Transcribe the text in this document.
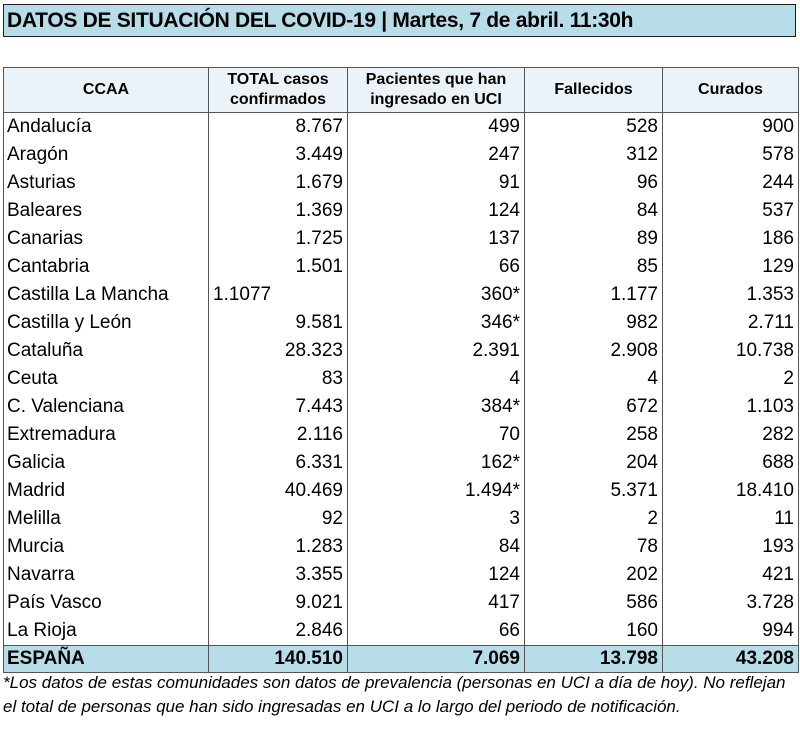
DATOS DE SITUACIÓN DEL COVID-19 | Martes, 7 de abril. 11:30h
CCAA	TOTAL casos confirmados	Pacientes que han ingresado en UCI	Fallecidos	Curados
Andalucía	8.767	499	528	900
Aragón	3.449	247	312	578
Asturias	1.679	91	96	244
Baleares	1.369	124	84	537
Canarias	1.725	137	89	186
Cantabria	1.501	66	85	129
Castilla La Mancha	1.1077	360*	1.177	1.353
Castilla y León	9.581	346*	982	2.711
Cataluña	28.323	2.391	2.908	10.738
Ceuta	83	4	4	2
C. Valenciana	7.443	384*	672	1.103
Extremadura	2.116	70	258	282
Galicia	6.331	162*	204	688
Madrid	40.469	1.494*	5.371	18.410
Melilla	92	3	2	11
Murcia	1.283	84	78	193
Navarra	3.355	124	202	421
País Vasco	9.021	417	586	3.728
La Rioja	2.846	66	160	994
ESPAÑA	140.510	7.069	13.798	43.208
*Los datos de estas comunidades son datos de prevalencia (personas en UCI a día de hoy). No reflejan el total de personas que han sido ingresadas en UCI a lo largo del periodo de notificación.
